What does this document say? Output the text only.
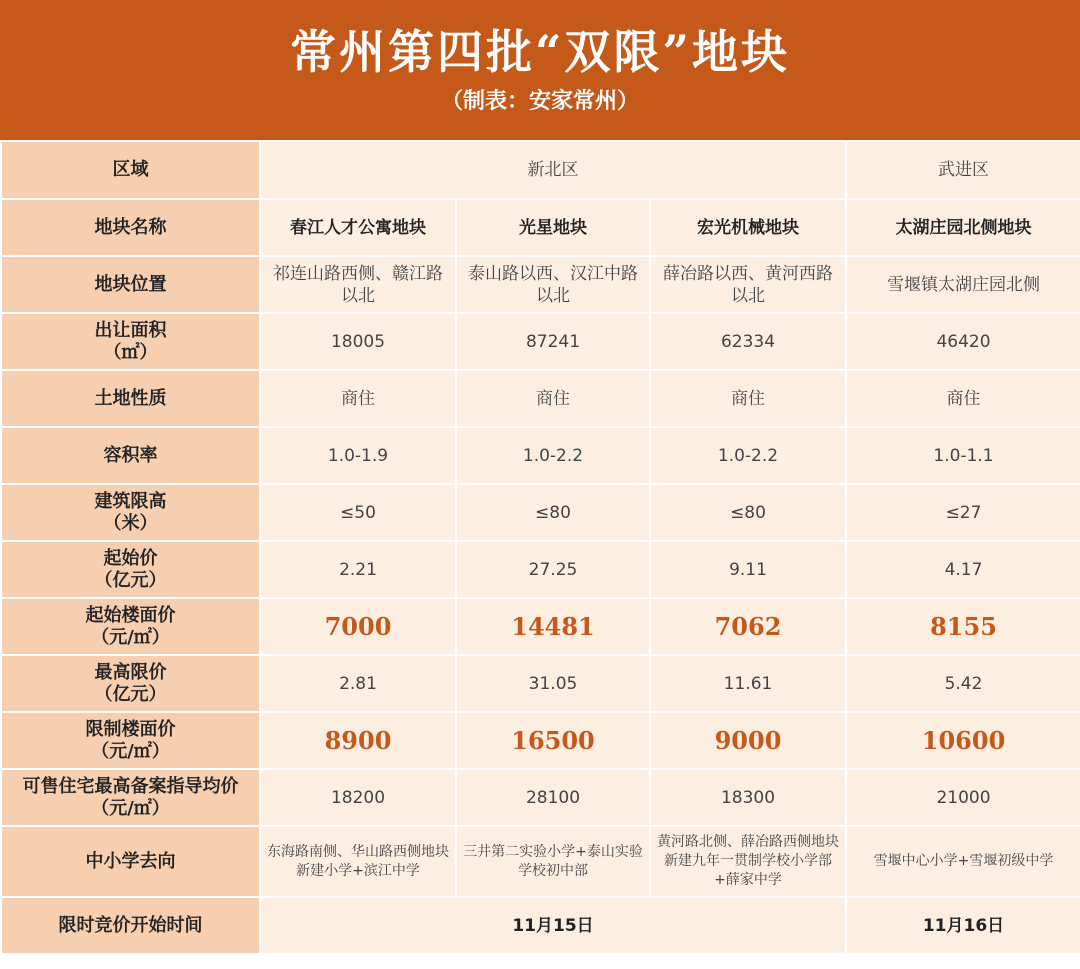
常州第四批“双限”地块
（制表：安家常州）
区域	新北区			武进区
地块名称	春江人才公寓地块	光星地块	宏光机械地块	太湖庄园北侧地块
地块位置	祁连山路西侧、赣江路以北	泰山路以西、汉江中路以北	薛冶路以西、黄河西路以北	雪堰镇太湖庄园北侧
出让面积
（㎡）	18005	87241	62334	46420
土地性质	商住	商住	商住	商住
容积率	1.0-1.9	1.0-2.2	1.0-2.2	1.0-1.1
建筑限高
（米）	≤50	≤80	≤80	≤27
起始价
（亿元）	2.21	27.25	9.11	4.17
起始楼面价
（元/㎡）	7000	14481	7062	8155
最高限价
（亿元）	2.81	31.05	11.61	5.42
限制楼面价
（元/㎡）	8900	16500	9000	10600
可售住宅最高备案指导均价
（元/㎡）	18200	28100	18300	21000
中小学去向	东海路南侧、华山路西侧地块新建小学+滨江中学	三井第二实验小学+泰山实验学校初中部	黄河路北侧、薛冶路西侧地块新建九年一贯制学校小学部+薛家中学	雪堰中心小学+雪堰初级中学
限时竞价开始时间	11月15日			11月16日
